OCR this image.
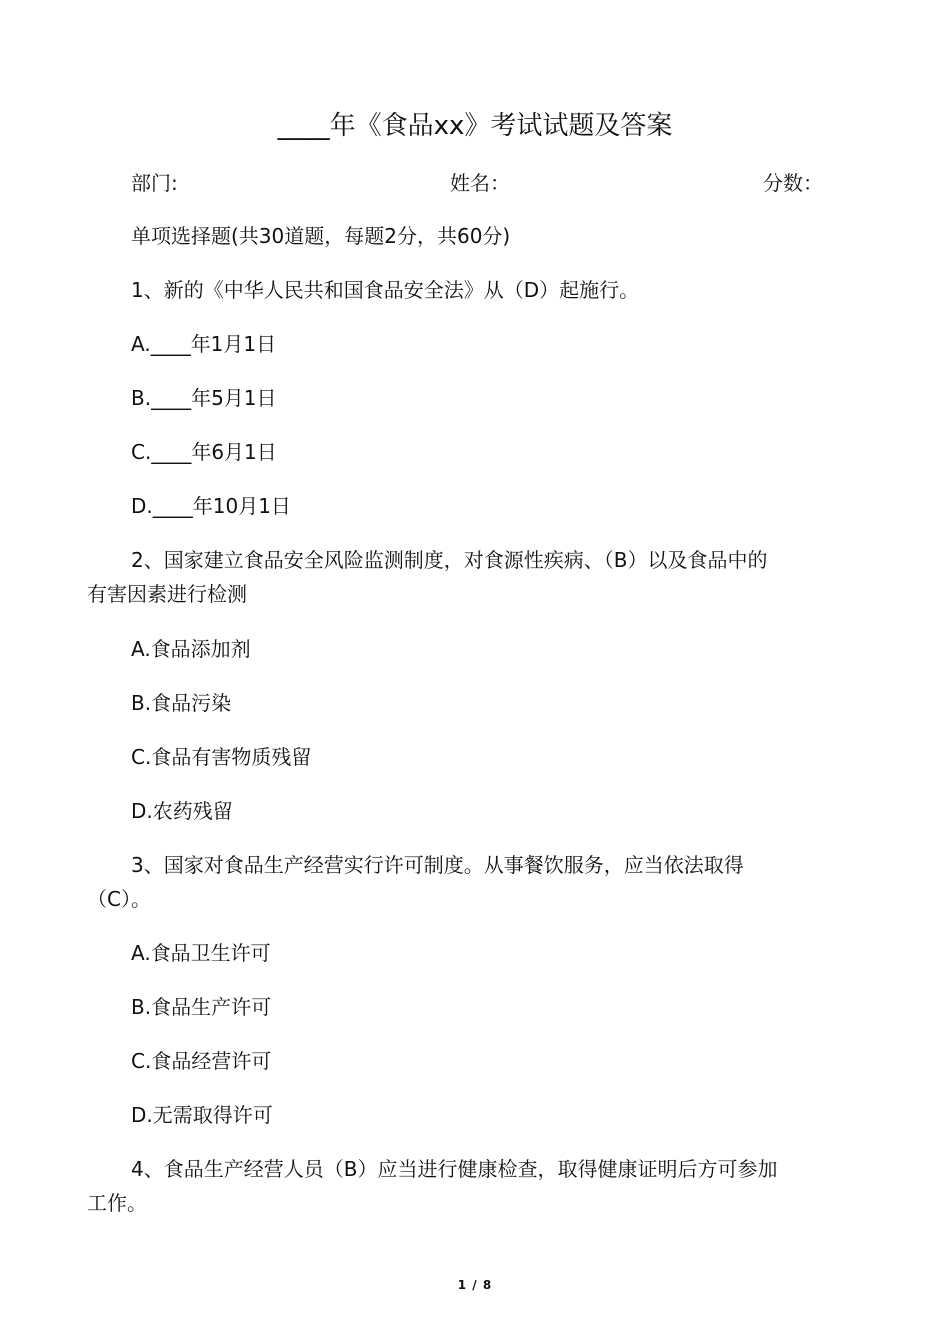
____年《食品xx》考试试题及答案
部门:	姓名：	分数：
单项选择题(共30道题，每题2分，共60分)
1、新的《中华人民共和国食品安全法》从（D）起施行。
A.____年1月1日
B.____年5月1日
C.____年6月1日
D.____年10月1日
2、国家建立食品安全风险监测制度，对食源性疾病、（B）以及食品中的
有害因素进行检测
A.食品添加剂
B.食品污染
C.食品有害物质残留
D.农药残留
3、国家对食品生产经营实行许可制度。从事餐饮服务，应当依法取得
（C）。
A.食品卫生许可
B.食品生产许可
C.食品经营许可
D.无需取得许可
4、食品生产经营人员（B）应当进行健康检查，取得健康证明后方可参加
工作。
1 / 8
